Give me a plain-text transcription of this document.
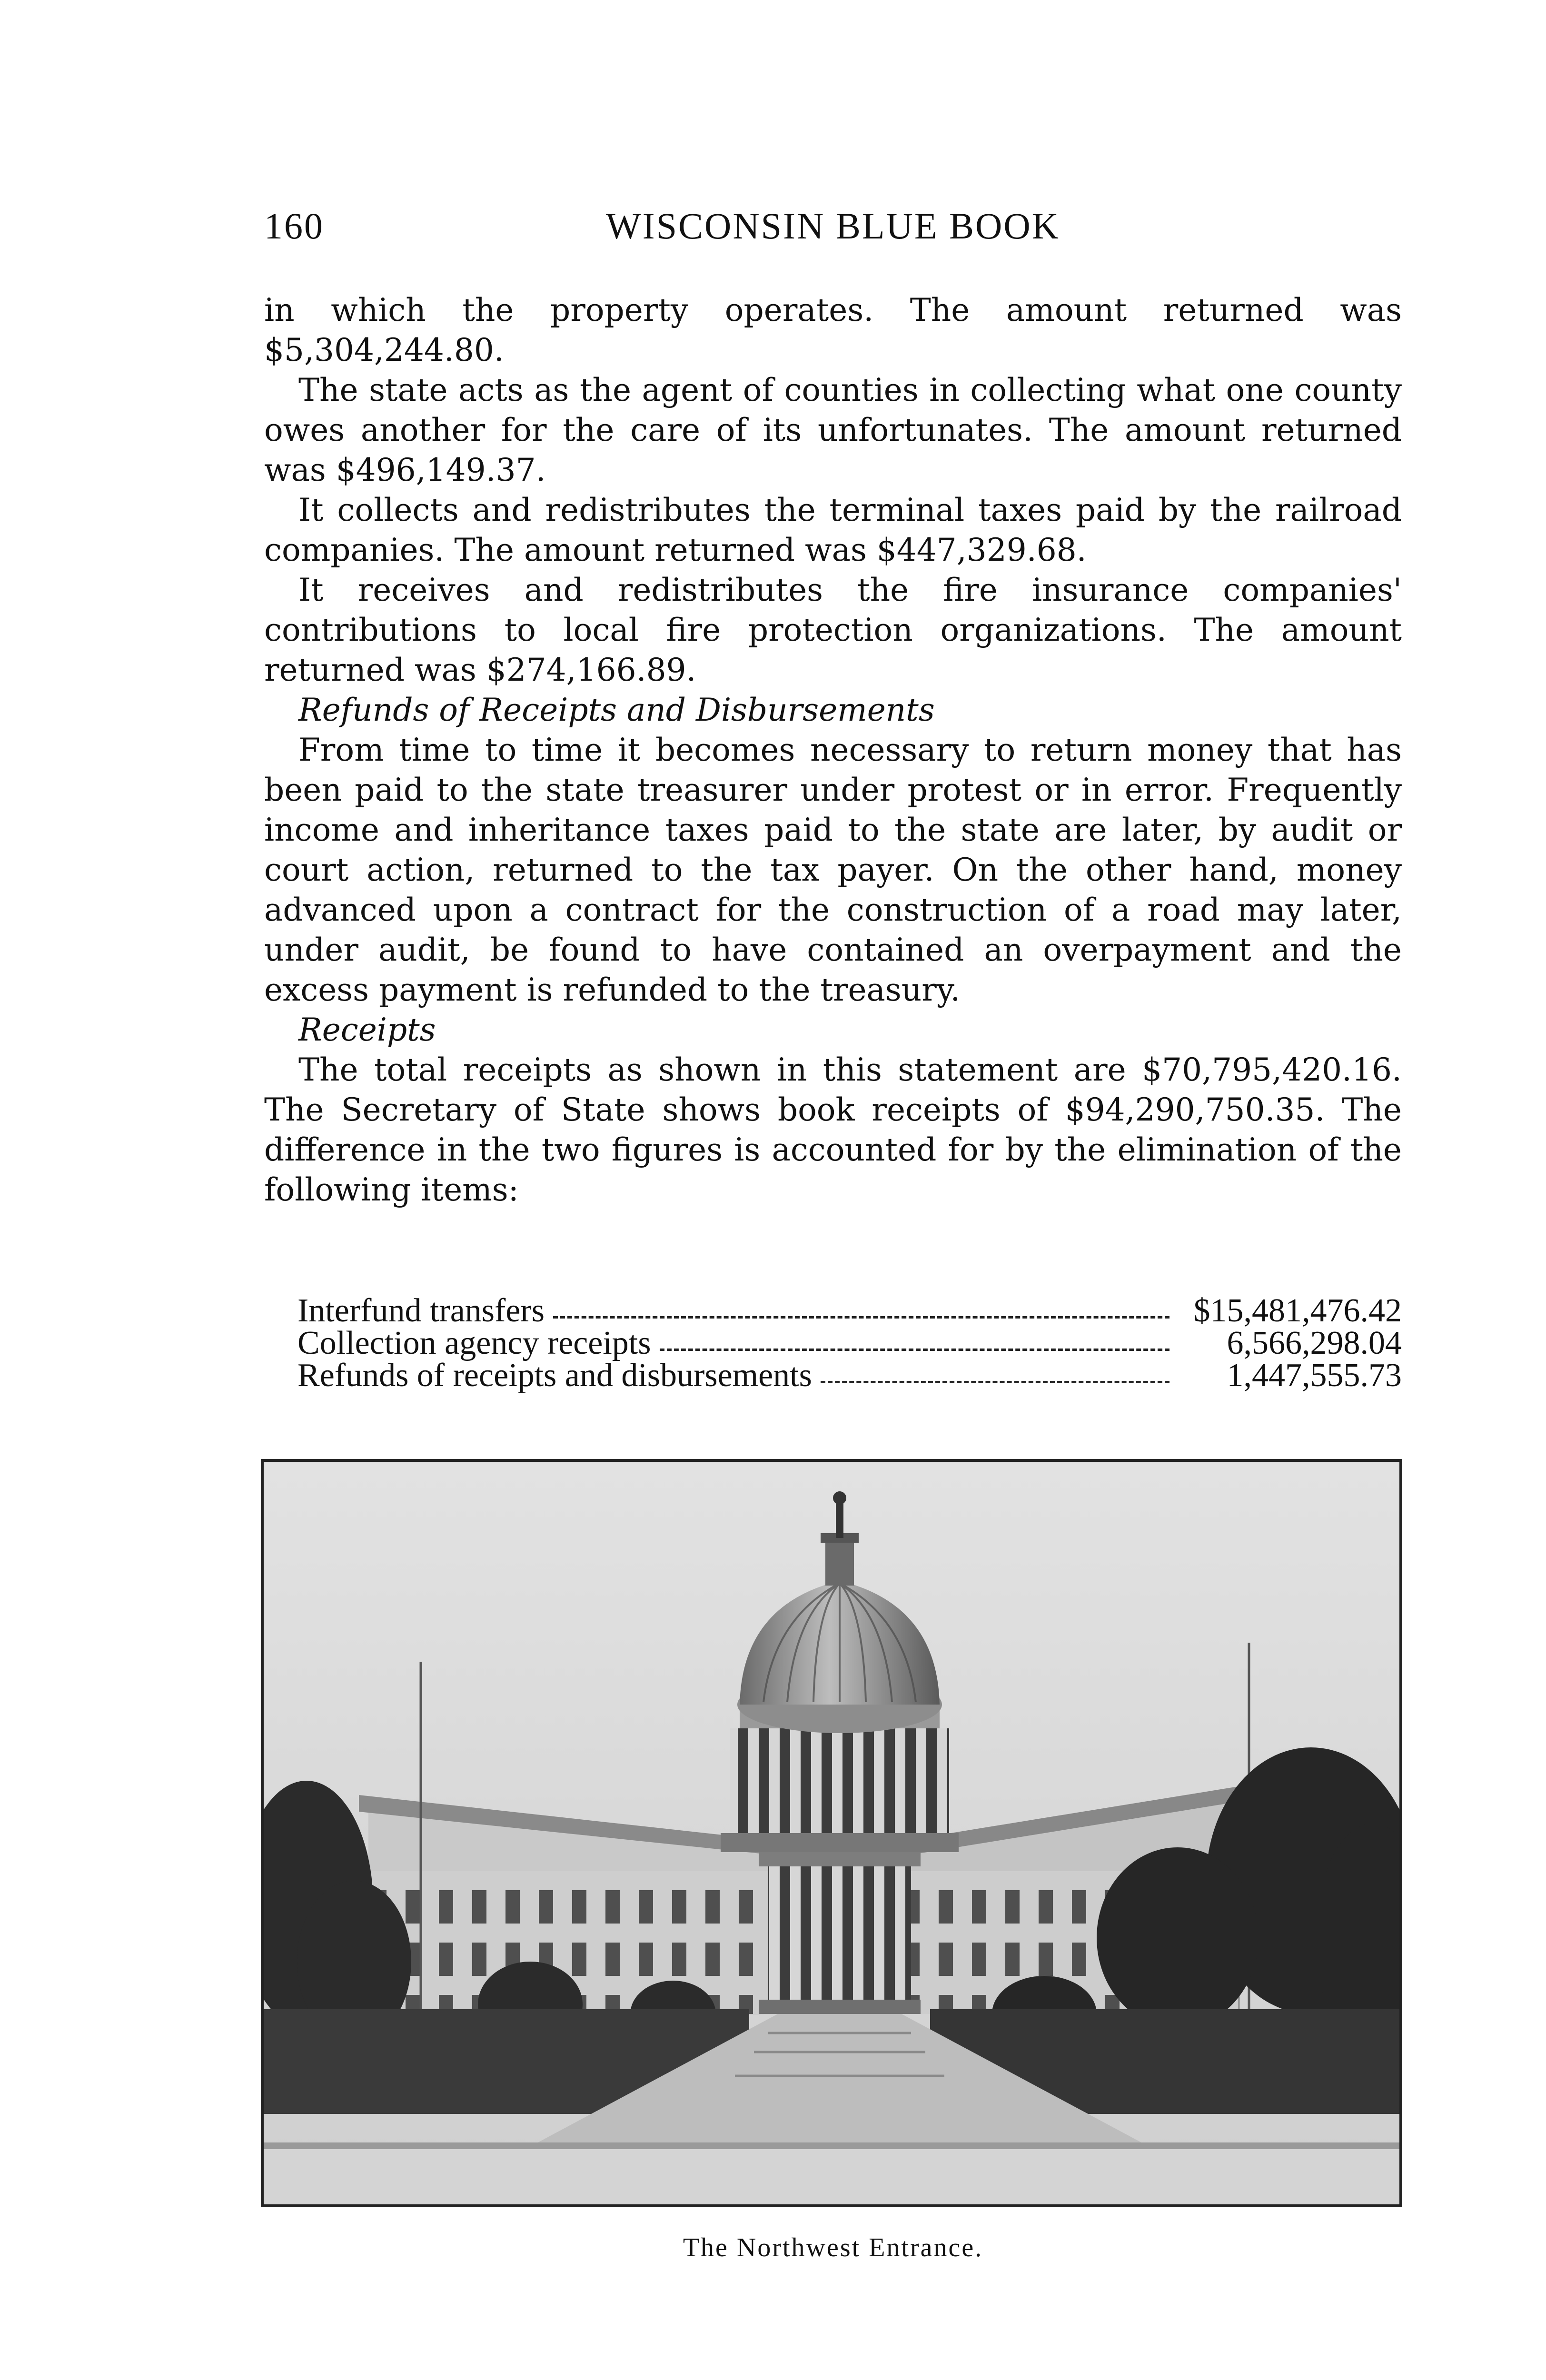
160	WISCONSIN BLUE BOOK

in which the property operates. The amount returned was $5,304,244.80.

The state acts as the agent of counties in collecting what one county owes another for the care of its unfortunates. The amount returned was $496,149.37.

It collects and redistributes the terminal taxes paid by the railroad companies. The amount returned was $447,329.68.

It receives and redistributes the fire insurance companies' contributions to local fire protection organizations. The amount returned was $274,166.89.

Refunds of Receipts and Disbursements

From time to time it becomes necessary to return money that has been paid to the state treasurer under protest or in error. Frequently income and inheritance taxes paid to the state are later, by audit or court action, returned to the tax payer. On the other hand, money advanced upon a contract for the construction of a road may later, under audit, be found to have contained an overpayment and the excess payment is refunded to the treasury.

Receipts

The total receipts as shown in this statement are $70,795,420.16. The Secretary of State shows book receipts of $94,290,750.35. The difference in the two figures is accounted for by the elimination of the following items:

Interfund transfers	$15,481,476.42
Collection agency receipts	6,566,298.04
Refunds of receipts and disbursements	1,447,555.73
The Northwest Entrance.
